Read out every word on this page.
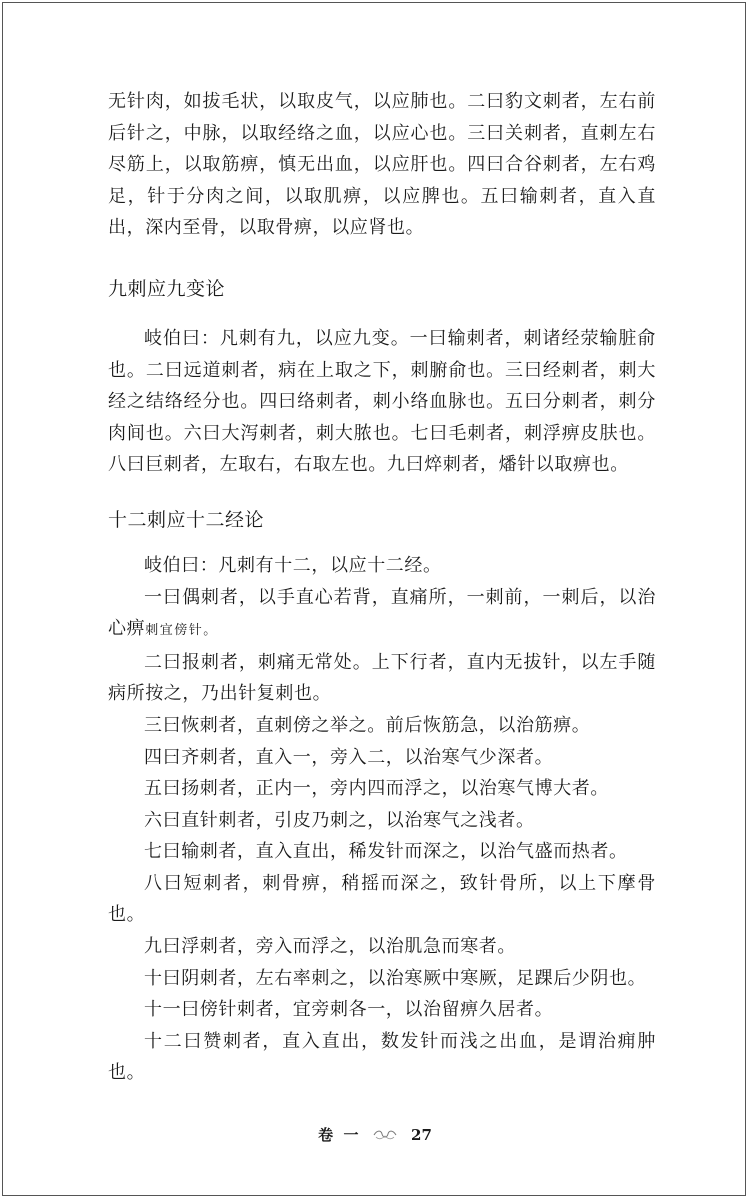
无针肉，如拔毛状，以取皮气，以应肺也。二曰豹文刺者，左右前后针之，中脉，以取经络之血，以应心也。三曰关刺者，直刺左右尽筋上，以取筋痹，慎无出血，以应肝也。四曰合谷刺者，左右鸡足，针于分肉之间，以取肌痹，以应脾也。五曰输刺者，直入直出，深内至骨，以取骨痹，以应肾也。

九刺应九变论

岐伯曰：凡刺有九，以应九变。一曰输刺者，刺诸经荥输脏俞也。二曰远道刺者，病在上取之下，刺腑俞也。三曰经刺者，刺大经之结络经分也。四曰络刺者，刺小络血脉也。五曰分刺者，刺分肉间也。六曰大泻刺者，刺大脓也。七曰毛刺者，刺浮痹皮肤也。八曰巨刺者，左取右，右取左也。九曰焠刺者，燔针以取痹也。

十二刺应十二经论

岐伯曰：凡刺有十二，以应十二经。

一曰偶刺者，以手直心若背，直痛所，一刺前，一刺后，以治心痹刺宜傍针。

二曰报刺者，刺痛无常处。上下行者，直内无拔针，以左手随病所按之，乃出针复刺也。

三曰恢刺者，直刺傍之举之。前后恢筋急，以治筋痹。

四曰齐刺者，直入一，旁入二，以治寒气少深者。

五曰扬刺者，正内一，旁内四而浮之，以治寒气博大者。

六曰直针刺者，引皮乃刺之，以治寒气之浅者。

七曰输刺者，直入直出，稀发针而深之，以治气盛而热者。

八曰短刺者，刺骨痹，稍摇而深之，致针骨所，以上下摩骨也。

九曰浮刺者，旁入而浮之，以治肌急而寒者。

十曰阴刺者，左右率刺之，以治寒厥中寒厥，足踝后少阴也。

十一曰傍针刺者，宜旁刺各一，以治留痹久居者。

十二曰赞刺者，直入直出，数发针而浅之出血，是谓治痈肿也。

卷  一	27
